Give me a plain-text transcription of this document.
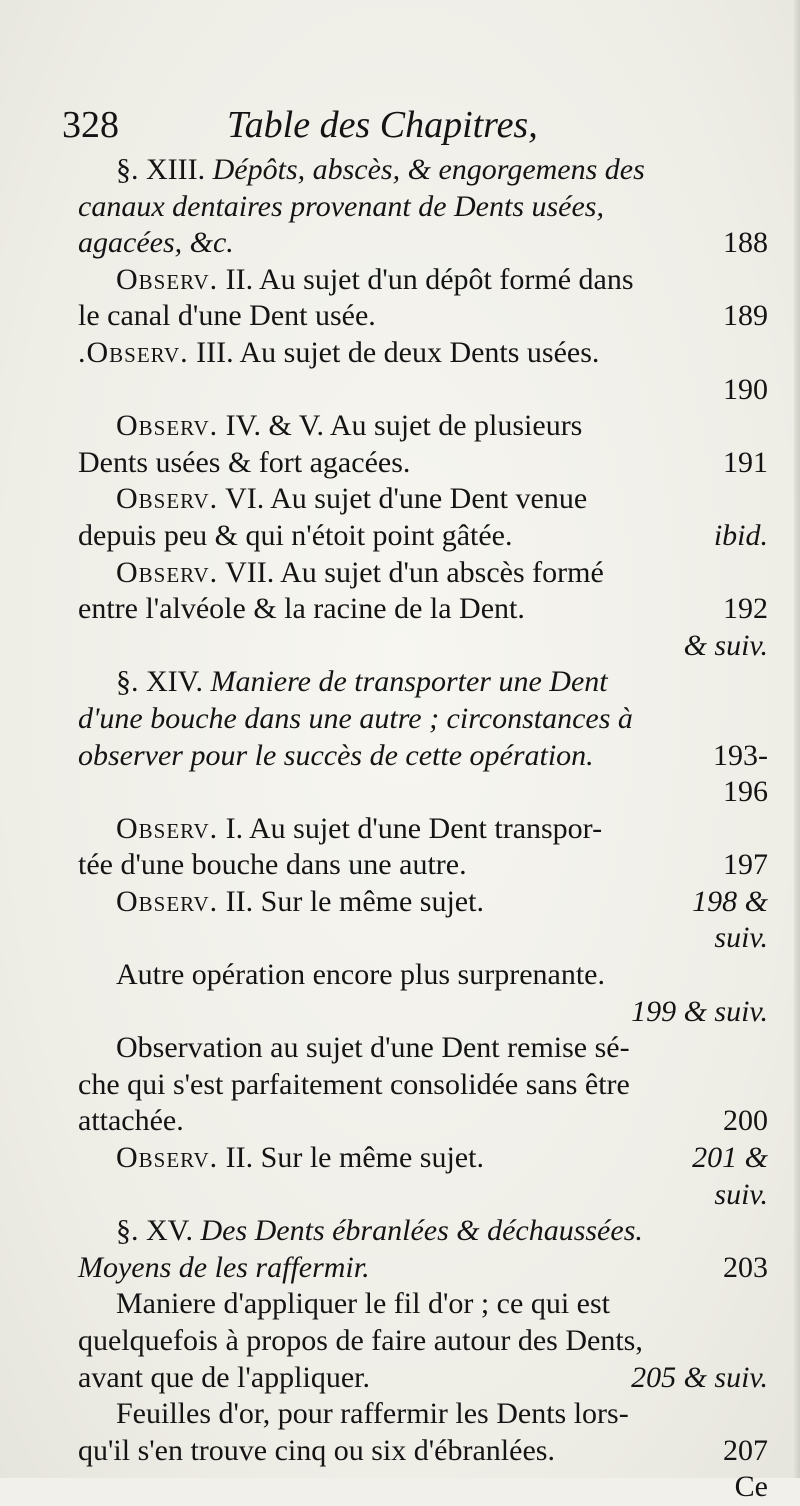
328	Table des Chapitres,
§. XIII. Dépôts, abscès, & engorgemens des
canaux dentaires provenant de Dents usées,
agacées, &c.	188
Observ. II. Au sujet d'un dépôt formé dans
le canal d'une Dent usée.	189
.Observ. III. Au sujet de deux Dents usées.
190
Observ. IV. & V. Au sujet de plusieurs
Dents usées & fort agacées.	191
Observ. VI. Au sujet d'une Dent venue
depuis peu & qui n'étoit point gâtée.	ibid.
Observ. VII. Au sujet d'un abscès formé
entre l'alvéole & la racine de la Dent.	192
& suiv.
§. XIV. Maniere de transporter une Dent
d'une bouche dans une autre ; circonstances à
observer pour le succès de cette opération.	193-
196
Observ. I. Au sujet d'une Dent transpor-
tée d'une bouche dans une autre.	197
Observ. II. Sur le même sujet.	198 &
suiv.
Autre opération encore plus surprenante.
199 & suiv.
Observation au sujet d'une Dent remise sé-
che qui s'est parfaitement consolidée sans être
attachée.	200
Observ. II. Sur le même sujet.	201 &
suiv.
§. XV. Des Dents ébranlées & déchaussées.
Moyens de les raffermir.	203
Maniere d'appliquer le fil d'or ; ce qui est
quelquefois à propos de faire autour des Dents,
avant que de l'appliquer.	205 & suiv.
Feuilles d'or, pour raffermir les Dents lors-
qu'il s'en trouve cinq ou six d'ébranlées.	207
Ce
